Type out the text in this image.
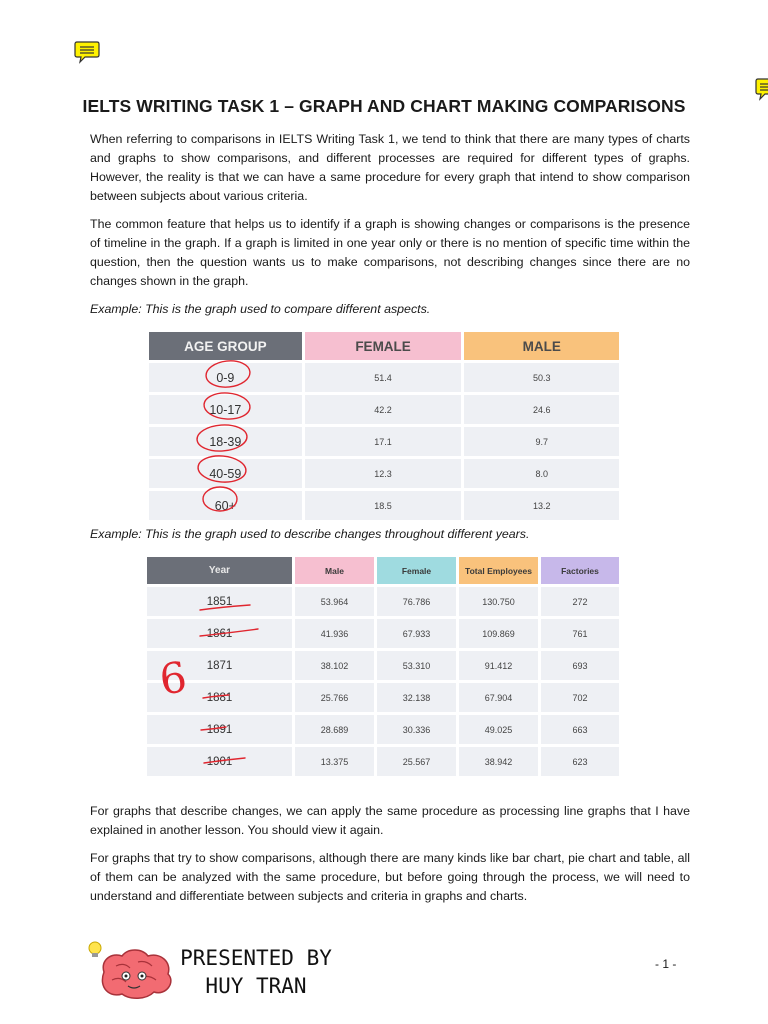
IELTS WRITING TASK 1 – GRAPH AND CHART MAKING COMPARISONS

When referring to comparisons in IELTS Writing Task 1, we tend to think that there are many types of charts and graphs to show comparisons, and different processes are required for different types of graphs. However, the reality is that we can have a same procedure for every graph that intend to show comparison between subjects about various criteria.

The common feature that helps us to identify if a graph is showing changes or comparisons is the presence of timeline in the graph. If a graph is limited in one year only or there is no mention of specific time within the question, then the question wants us to make comparisons, not describing changes since there are no changes shown in the graph.

Example: This is the graph used to compare different aspects.

AGE GROUP	FEMALE	MALE
0-9	51.4	50.3
10-17	42.2	24.6
18-39	17.1	9.7
40-59	12.3	8.0
60+	18.5	13.2

Example: This is the graph used to describe changes throughout different years.

Year	Male	Female	Total Employees	Factories
1851	53.964	76.786	130.750	272
1861	41.936	67.933	109.869	761
1871	38.102	53.310	91.412	693
1881	25.766	32.138	67.904	702
1891	28.689	30.336	49.025	663
1901	13.375	25.567	38.942	623
6

For graphs that describe changes, we can apply the same procedure as processing line graphs that I have explained in another lesson. You should view it again.

For graphs that try to show comparisons, although there are many kinds like bar chart, pie chart and table, all of them can be analyzed with the same procedure, but before going through the process, we will need to understand and differentiate between subjects and criteria in graphs and charts.

PRESENTED BY
HUY TRAN
- 1 -
